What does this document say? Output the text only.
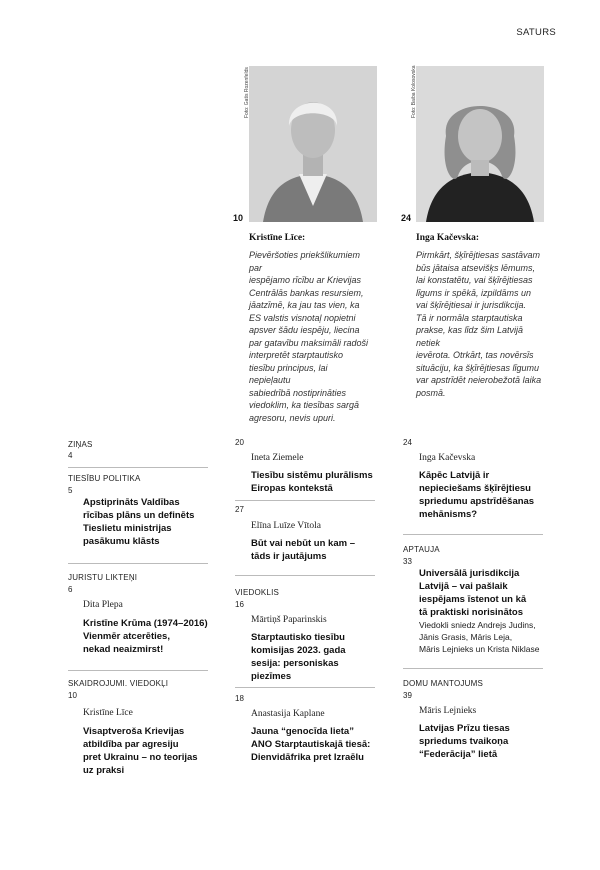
SATURS
Foto: Gatis Rozenfelds
10
Kristīne Līce:
Pievēršoties priekšlikumiem par
iespējamo rīcību ar Krievijas
Centrālās bankas resursiem,
jāatzīmē, ka jau tas vien, ka
ES valstis visnotaļ nopietni
apsver šādu iespēju, liecina
par gatavību maksimāli radoši
interpretēt starptautisko
tiesību principus, lai nepieļautu
sabiedrībā nostiprināties
viedoklim, ka tiesības sargā
agresoru, nevis upuri.
Foto: Baiba Kolosovska
24
Inga Kačevska:
Pirmkārt, šķīrējtiesas sastāvam
būs jātaisa atsevišķs lēmums,
lai konstatētu, vai šķīrējtiesas
līgums ir spēkā, izpildāms un
vai šķīrējtiesai ir jurisdikcija.
Tā ir normāla starptautiska
prakse, kas līdz šim Latvijā netiek
ievērota. Otrkārt, tas novērsīs
situāciju, ka šķīrējtiesas līgumu
var apstrīdēt neierobežotā laika
posmā.
ZIŅAS
4
TIESĪBU POLITIKA
5
Apstiprināts Valdības
rīcības plāns un definēts
Tieslietu ministrijas
pasākumu klāsts
JURISTU LIKTEŅI
6
Dita Plepa
Kristīne Krūma (1974–2016)
Vienmēr atcerēties,
nekad neaizmirst!
SKAIDROJUMI. VIEDOKĻI
10
Kristīne Līce
Visaptveroša Krievijas
atbildība par agresiju
pret Ukrainu – no teorijas
uz praksi
20
Ineta Ziemele
Tiesību sistēmu plurālisms
Eiropas kontekstā
27
Elīna Luīze Vītola
Būt vai nebūt un kam –
tāds ir jautājums
VIEDOKLIS
16
Mārtiņš Paparinskis
Starptautisko tiesību
komisijas 2023. gada
sesija: personiskas
piezīmes
18
Anastasija Kaplane
Jauna “genocīda lieta”
ANO Starptautiskajā tiesā:
Dienvidāfrika pret Izraēlu
24
Inga Kačevska
Kāpēc Latvijā ir
nepieciešams šķīrējtiesu
spriedumu apstrīdēšanas
mehānisms?
APTAUJA
33
Universālā jurisdikcija
Latvijā – vai pašlaik
iespējams īstenot un kā
tā praktiski norisinātos
Viedokli sniedz Andrejs Judins,
Jānis Grasis, Māris Leja,
Māris Lejnieks un Krista Niklase
DOMU MANTOJUMS
39
Māris Lejnieks
Latvijas Prīzu tiesas
spriedums tvaikoņa
“Federācija” lietā
